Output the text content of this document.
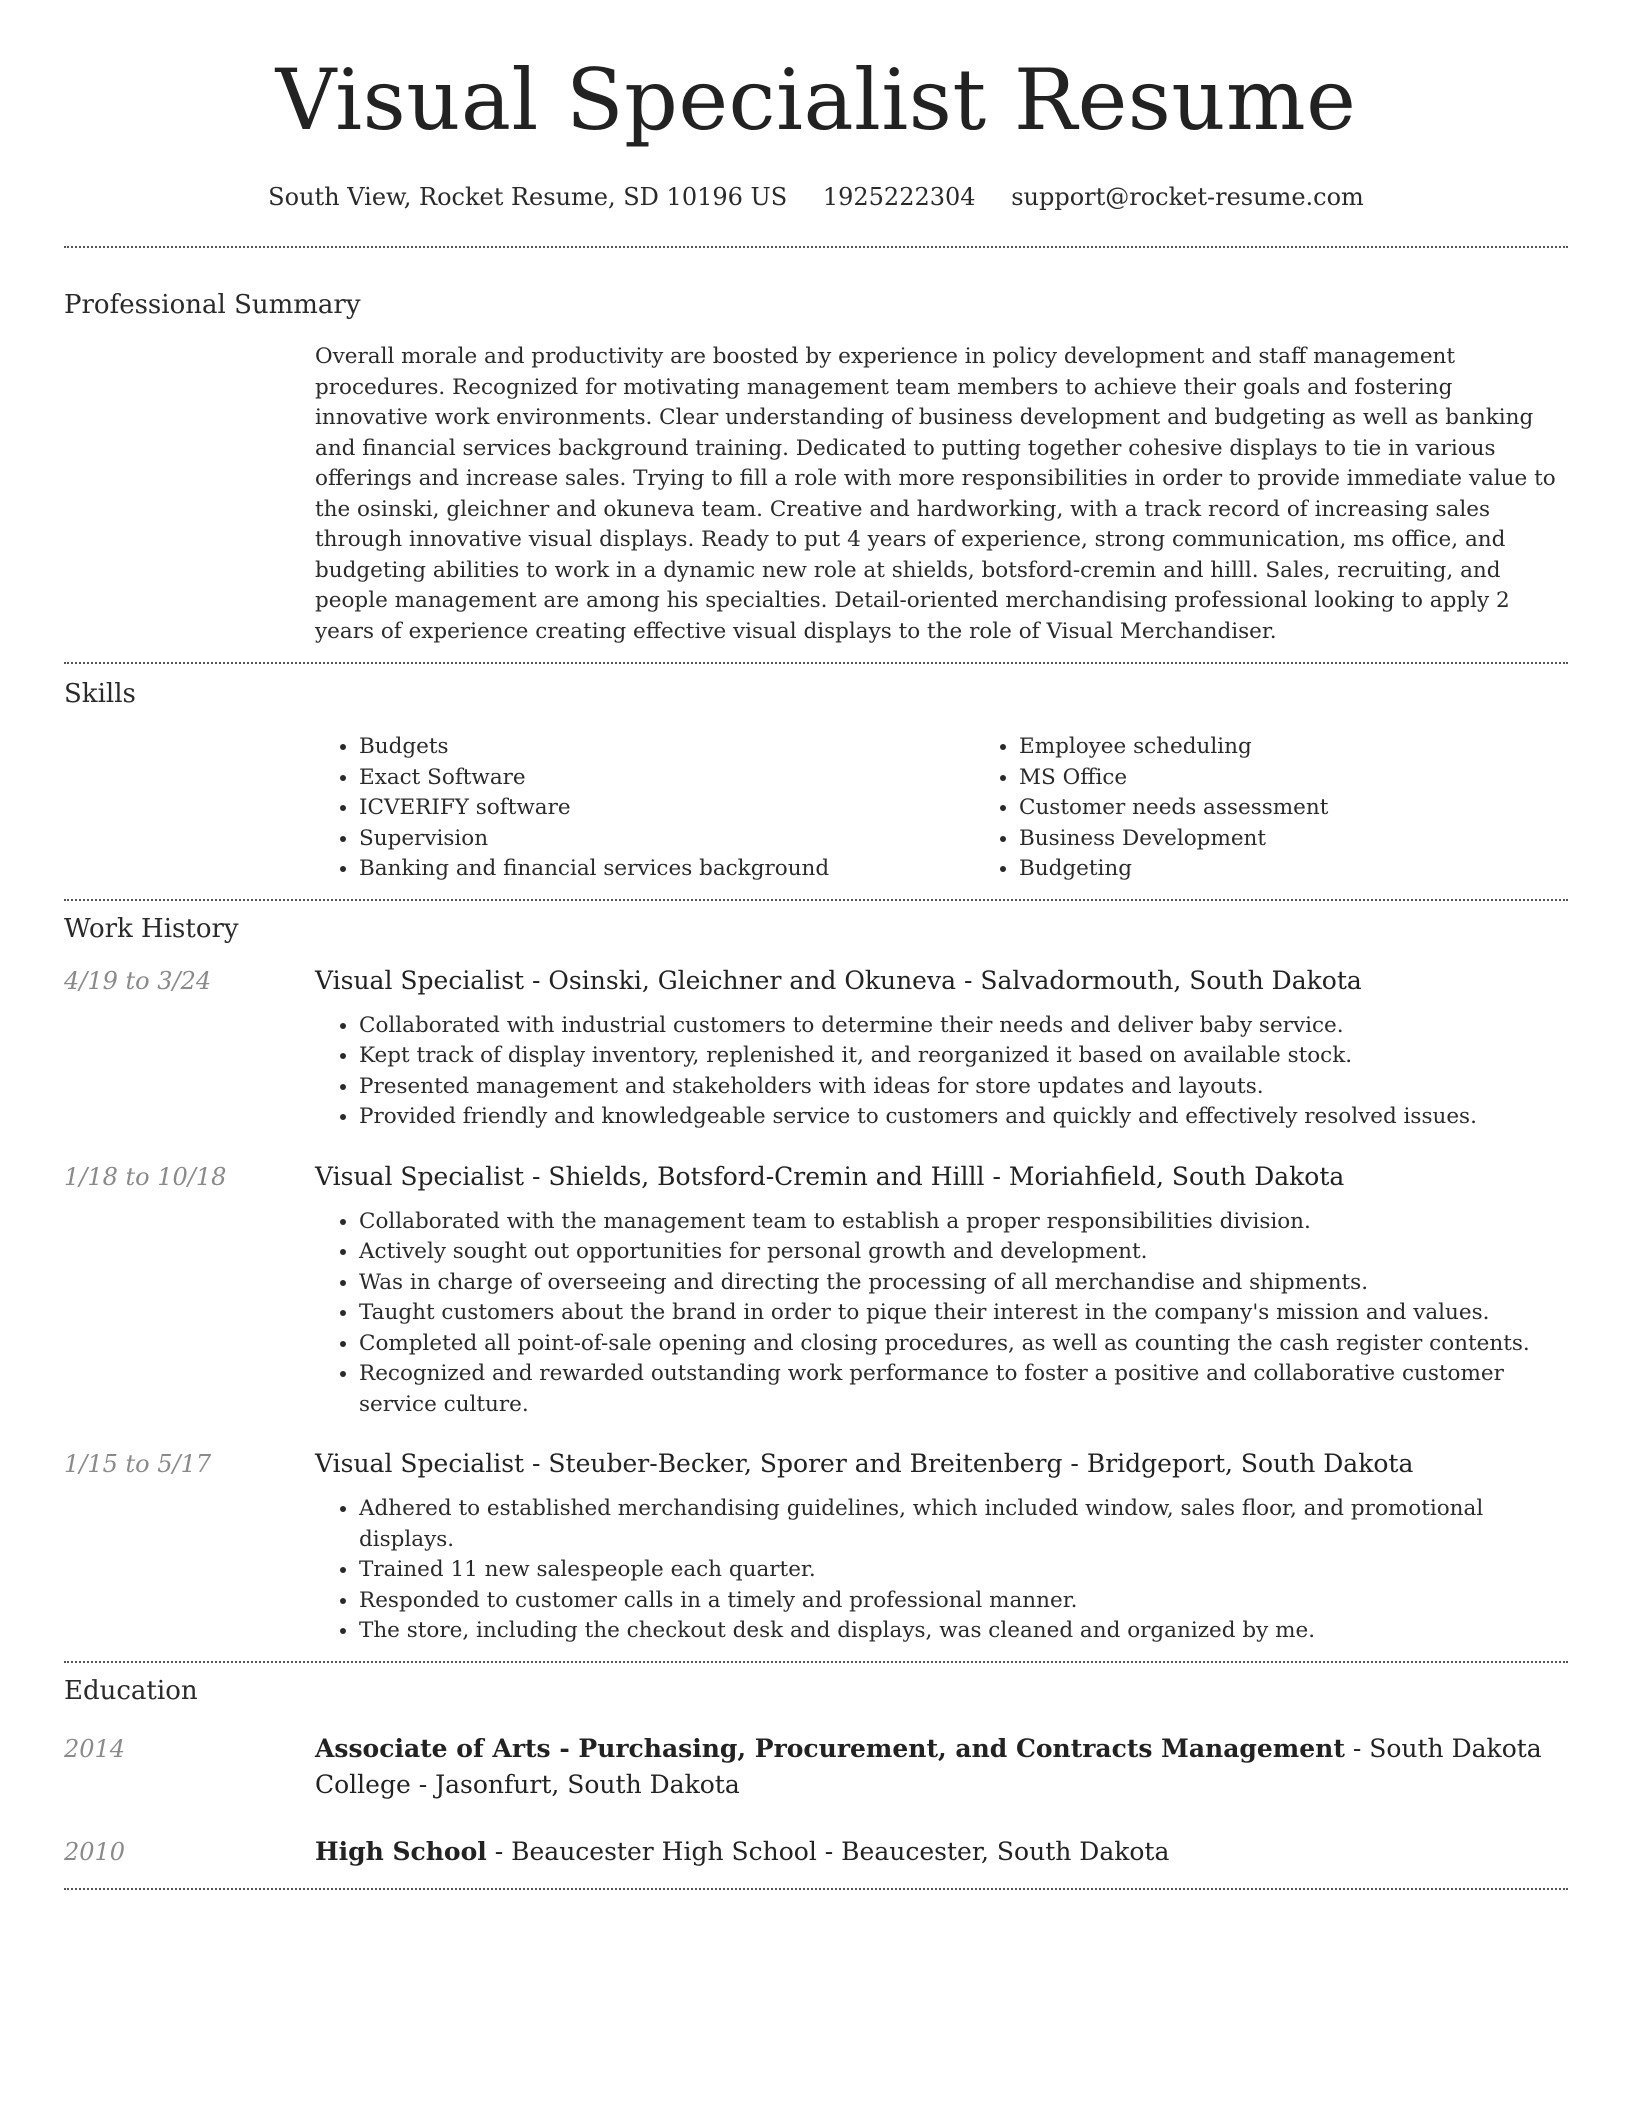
Visual Specialist Resume
South View, Rocket Resume, SD 10196 US 1925222304 support@rocket-resume.com
Professional Summary
Overall morale and productivity are boosted by experience in policy development and staff management procedures. Recognized for motivating management team members to achieve their goals and fostering innovative work environments. Clear understanding of business development and budgeting as well as banking and financial services background training. Dedicated to putting together cohesive displays to tie in various offerings and increase sales. Trying to fill a role with more responsibilities in order to provide immediate value to the osinski, gleichner and okuneva team. Creative and hardworking, with a track record of increasing sales through innovative visual displays. Ready to put 4 years of experience, strong communication, ms office, and budgeting abilities to work in a dynamic new role at shields, botsford-cremin and hilll. Sales, recruiting, and people management are among his specialties. Detail-oriented merchandising professional looking to apply 2 years of experience creating effective visual displays to the role of Visual Merchandiser.
Skills
• Budgets
• Exact Software
• ICVERIFY software
• Supervision
• Banking and financial services background
• Employee scheduling
• MS Office
• Customer needs assessment
• Business Development
• Budgeting
Work History
4/19 to 3/24	Visual Specialist - Osinski, Gleichner and Okuneva - Salvadormouth, South Dakota
• Collaborated with industrial customers to determine their needs and deliver baby service.
• Kept track of display inventory, replenished it, and reorganized it based on available stock.
• Presented management and stakeholders with ideas for store updates and layouts.
• Provided friendly and knowledgeable service to customers and quickly and effectively resolved issues.
1/18 to 10/18	Visual Specialist - Shields, Botsford-Cremin and Hilll - Moriahfield, South Dakota
• Collaborated with the management team to establish a proper responsibilities division.
• Actively sought out opportunities for personal growth and development.
• Was in charge of overseeing and directing the processing of all merchandise and shipments.
• Taught customers about the brand in order to pique their interest in the company's mission and values.
• Completed all point-of-sale opening and closing procedures, as well as counting the cash register contents.
• Recognized and rewarded outstanding work performance to foster a positive and collaborative customer service culture.
1/15 to 5/17	Visual Specialist - Steuber-Becker, Sporer and Breitenberg - Bridgeport, South Dakota
• Adhered to established merchandising guidelines, which included window, sales floor, and promotional displays.
• Trained 11 new salespeople each quarter.
• Responded to customer calls in a timely and professional manner.
• The store, including the checkout desk and displays, was cleaned and organized by me.
Education
2014	Associate of Arts - Purchasing, Procurement, and Contracts Management - South Dakota College - Jasonfurt, South Dakota
2010	High School - Beaucester High School - Beaucester, South Dakota
